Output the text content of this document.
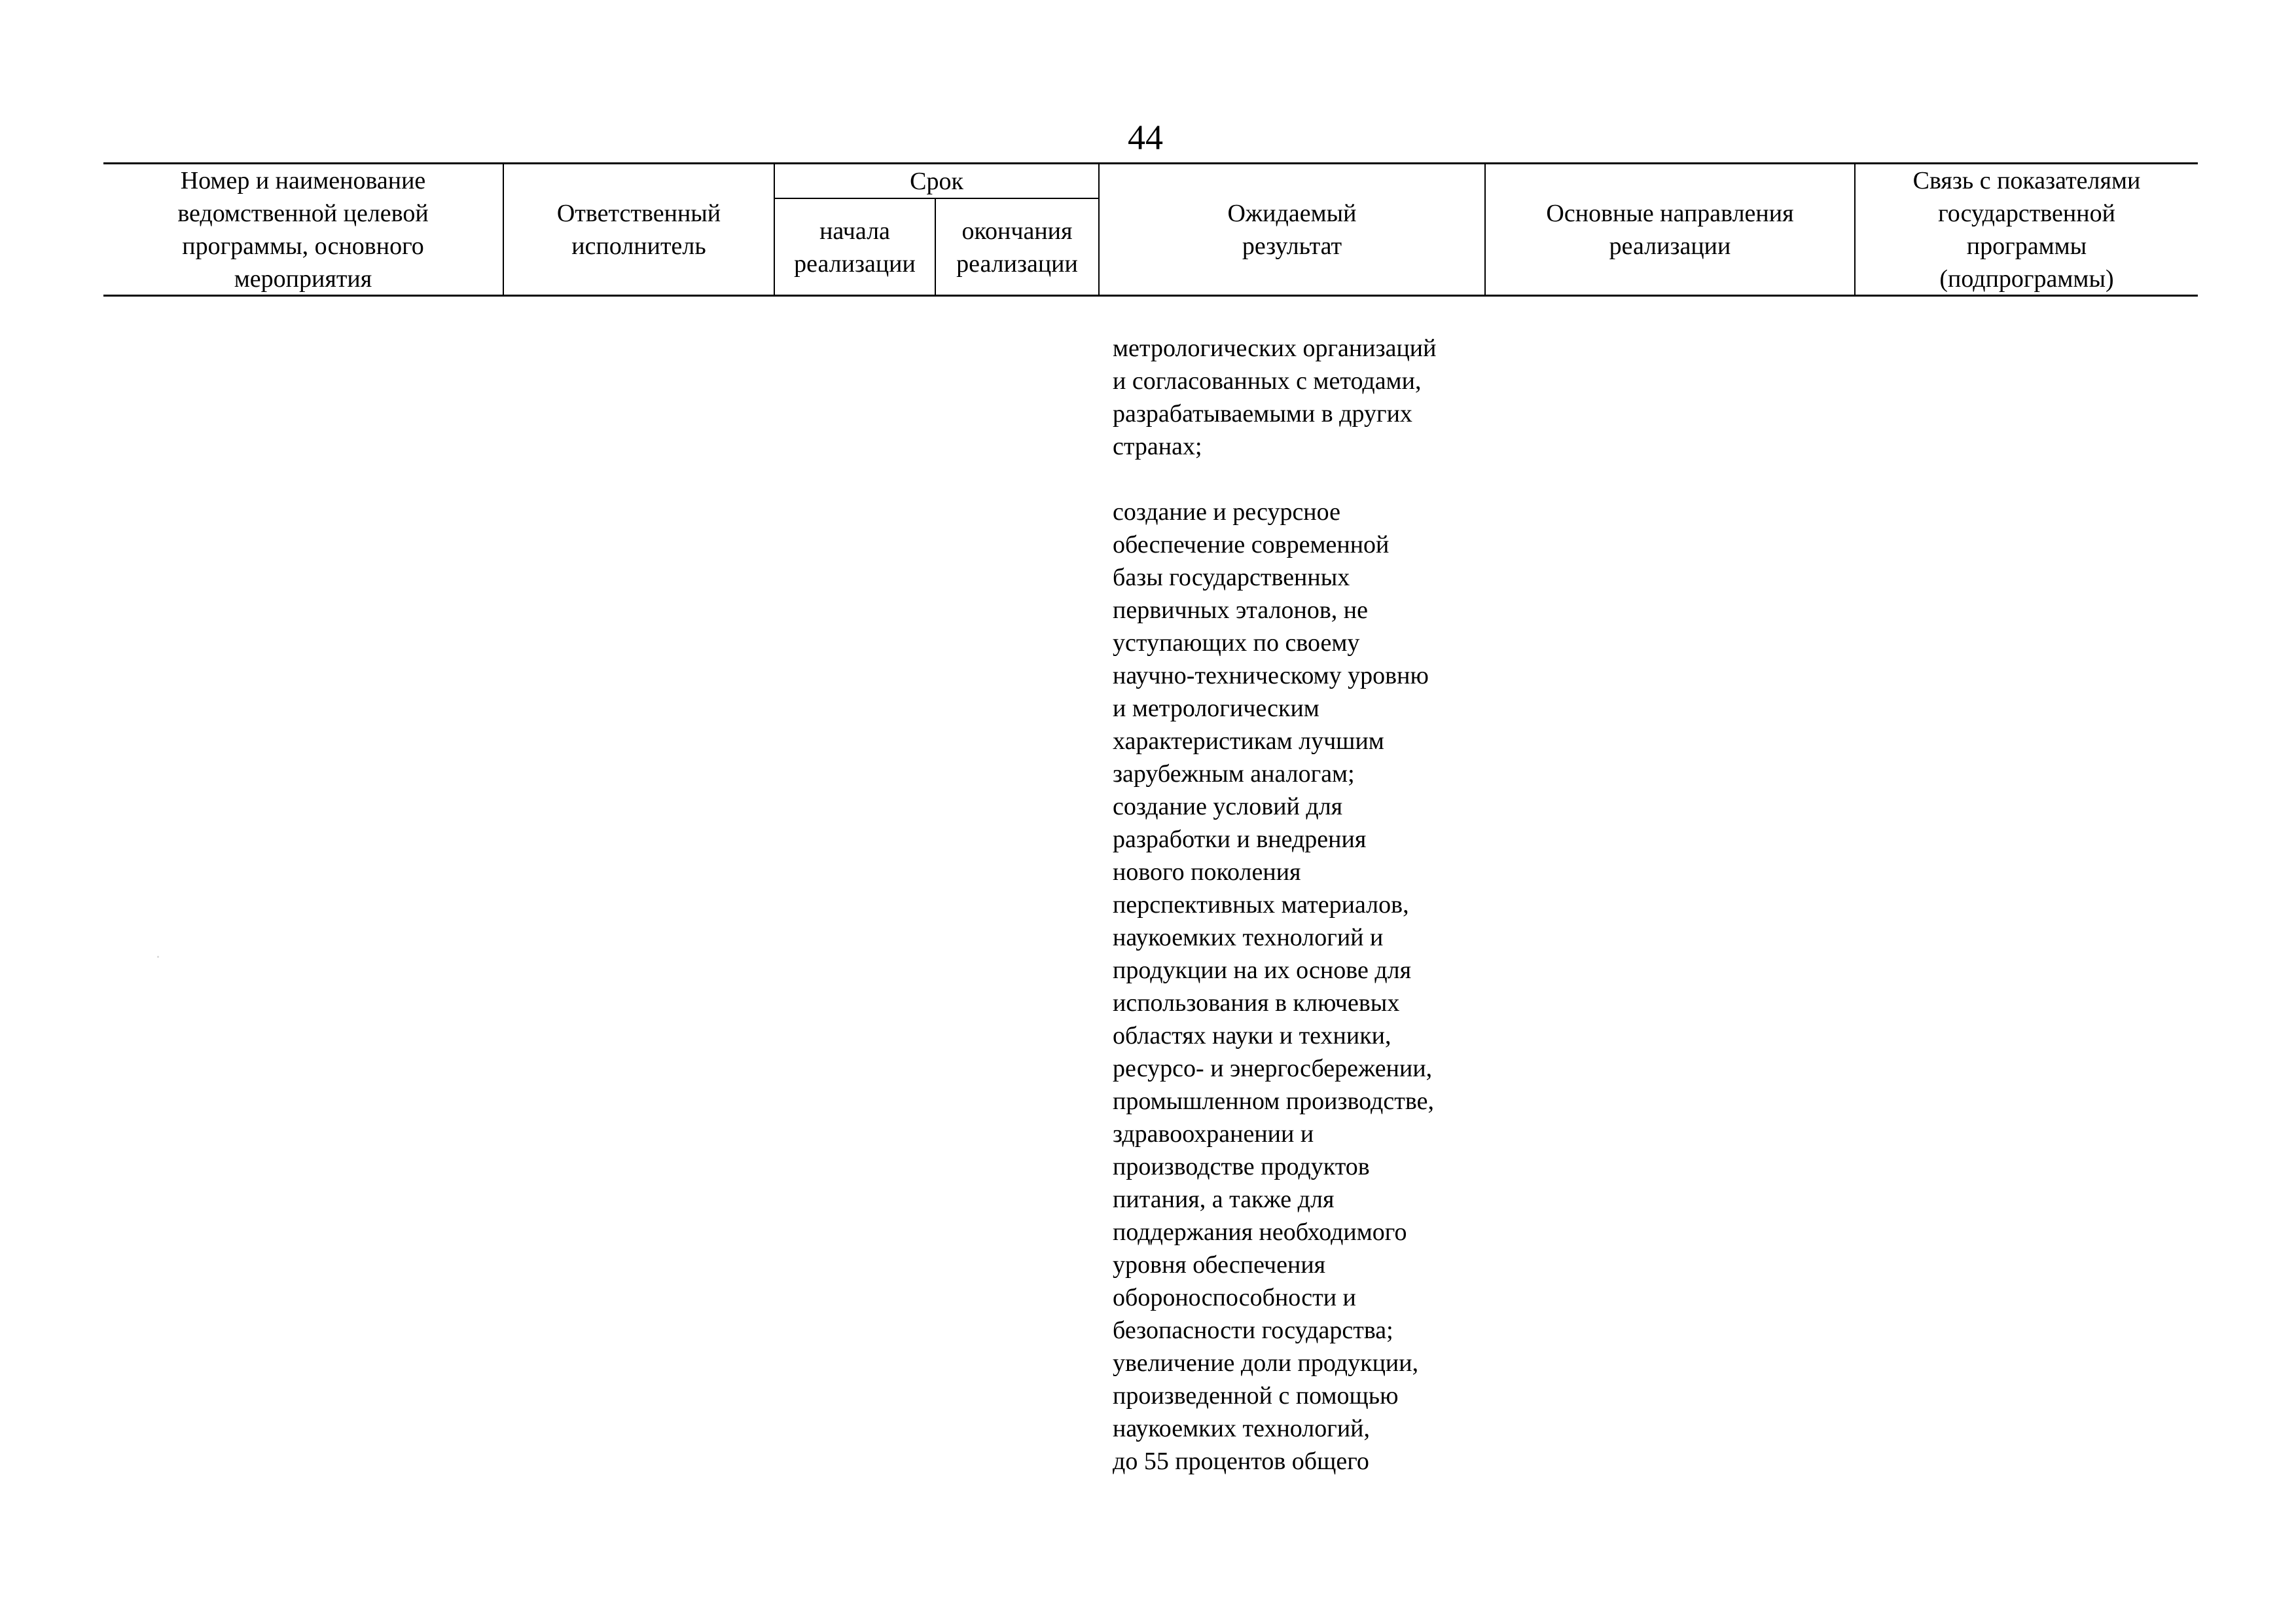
44
Номер и наименование
ведомственной целевой
программы, основного
мероприятия
Ответственный
исполнитель
Срок
начала
реализации
окончания
реализации
Ожидаемый
результат
Основные направления
реализации
Связь с показателями
государственной
программы
(подпрограммы)

метрологических организаций
и согласованных с методами,
разрабатываемыми в других
странах;

создание и ресурсное
обеспечение современной
базы государственных
первичных эталонов, не
уступающих по своему
научно-техническому уровню
и метрологическим
характеристикам лучшим
зарубежным аналогам;

создание условий для
разработки и внедрения
нового поколения
перспективных материалов,
наукоемких технологий и
продукции на их основе для
использования в ключевых
областях науки и техники,
ресурсо- и энергосбережении,
промышленном производстве,
здравоохранении и
производстве продуктов
питания, а также для
поддержания необходимого
уровня обеспечения
обороноспособности и
безопасности государства;

увеличение доли продукции,
произведенной с помощью
наукоемких технологий,
до 55 процентов общего
